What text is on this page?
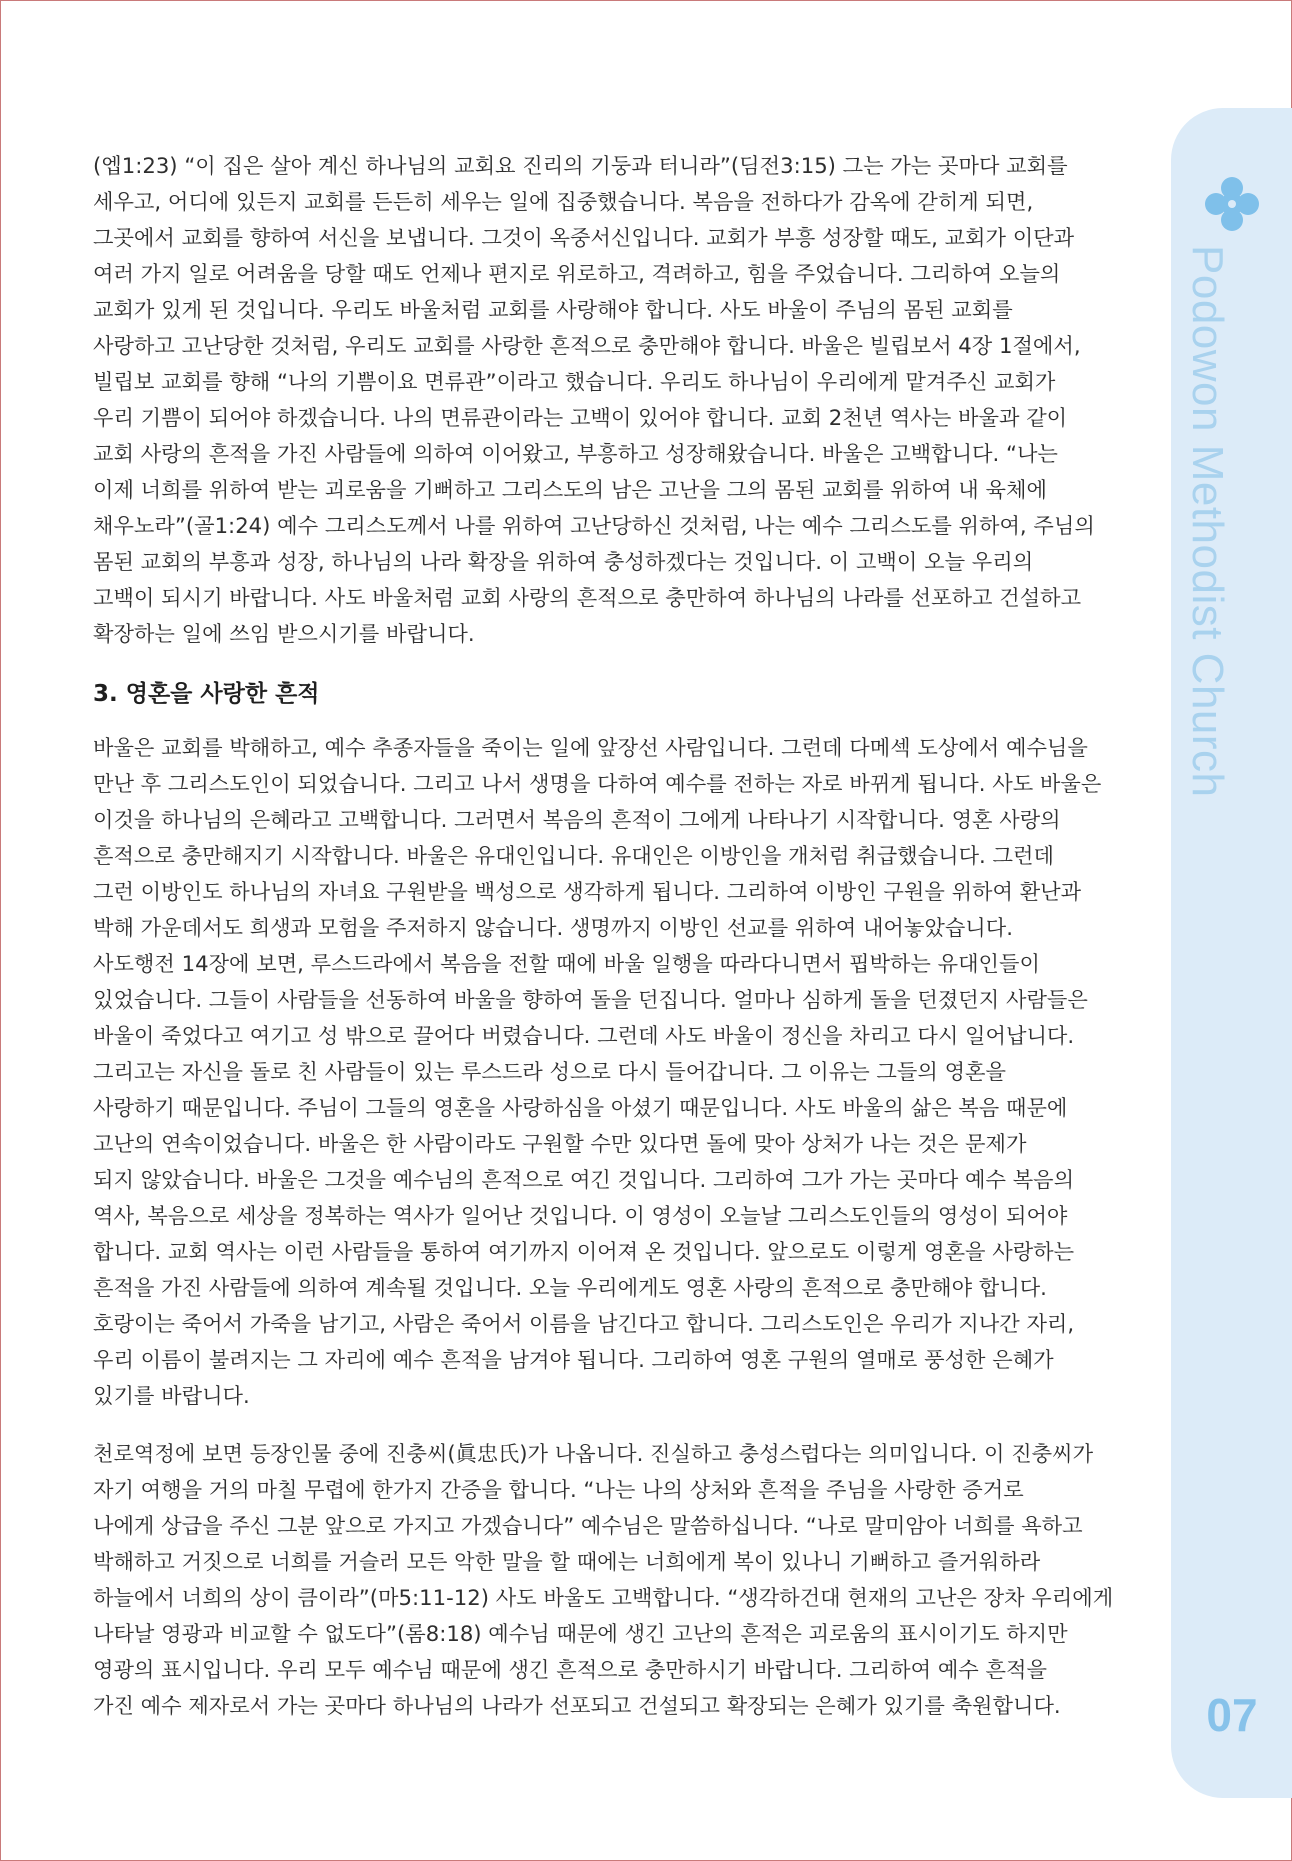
Podowon Methodist Church
07

(엡1:23) “이 집은 살아 계신 하나님의 교회요 진리의 기둥과 터니라”(딤전3:15) 그는 가는 곳마다 교회를
세우고, 어디에 있든지 교회를 든든히 세우는 일에 집중했습니다. 복음을 전하다가 감옥에 갇히게 되면,
그곳에서 교회를 향하여 서신을 보냅니다. 그것이 옥중서신입니다. 교회가 부흥 성장할 때도, 교회가 이단과
여러 가지 일로 어려움을 당할 때도 언제나 편지로 위로하고, 격려하고, 힘을 주었습니다. 그리하여 오늘의
교회가 있게 된 것입니다. 우리도 바울처럼 교회를 사랑해야 합니다. 사도 바울이 주님의 몸된 교회를
사랑하고 고난당한 것처럼, 우리도 교회를 사랑한 흔적으로 충만해야 합니다. 바울은 빌립보서 4장 1절에서,
빌립보 교회를 향해 “나의 기쁨이요 면류관”이라고 했습니다. 우리도 하나님이 우리에게 맡겨주신 교회가
우리 기쁨이 되어야 하겠습니다. 나의 면류관이라는 고백이 있어야 합니다. 교회 2천년 역사는 바울과 같이
교회 사랑의 흔적을 가진 사람들에 의하여 이어왔고, 부흥하고 성장해왔습니다. 바울은 고백합니다. “나는
이제 너희를 위하여 받는 괴로움을 기뻐하고 그리스도의 남은 고난을 그의 몸된 교회를 위하여 내 육체에
채우노라”(골1:24) 예수 그리스도께서 나를 위하여 고난당하신 것처럼, 나는 예수 그리스도를 위하여, 주님의
몸된 교회의 부흥과 성장, 하나님의 나라 확장을 위하여 충성하겠다는 것입니다. 이 고백이 오늘 우리의
고백이 되시기 바랍니다. 사도 바울처럼 교회 사랑의 흔적으로 충만하여 하나님의 나라를 선포하고 건설하고
확장하는 일에 쓰임 받으시기를 바랍니다.

3. 영혼을 사랑한 흔적

바울은 교회를 박해하고, 예수 추종자들을 죽이는 일에 앞장선 사람입니다. 그런데 다메섹 도상에서 예수님을
만난 후 그리스도인이 되었습니다. 그리고 나서 생명을 다하여 예수를 전하는 자로 바뀌게 됩니다. 사도 바울은
이것을 하나님의 은혜라고 고백합니다. 그러면서 복음의 흔적이 그에게 나타나기 시작합니다. 영혼 사랑의
흔적으로 충만해지기 시작합니다. 바울은 유대인입니다. 유대인은 이방인을 개처럼 취급했습니다. 그런데
그런 이방인도 하나님의 자녀요 구원받을 백성으로 생각하게 됩니다. 그리하여 이방인 구원을 위하여 환난과
박해 가운데서도 희생과 모험을 주저하지 않습니다. 생명까지 이방인 선교를 위하여 내어놓았습니다.
사도행전 14장에 보면, 루스드라에서 복음을 전할 때에 바울 일행을 따라다니면서 핍박하는 유대인들이
있었습니다. 그들이 사람들을 선동하여 바울을 향하여 돌을 던집니다. 얼마나 심하게 돌을 던졌던지 사람들은
바울이 죽었다고 여기고 성 밖으로 끌어다 버렸습니다. 그런데 사도 바울이 정신을 차리고 다시 일어납니다.
그리고는 자신을 돌로 친 사람들이 있는 루스드라 성으로 다시 들어갑니다. 그 이유는 그들의 영혼을
사랑하기 때문입니다. 주님이 그들의 영혼을 사랑하심을 아셨기 때문입니다. 사도 바울의 삶은 복음 때문에
고난의 연속이었습니다. 바울은 한 사람이라도 구원할 수만 있다면 돌에 맞아 상처가 나는 것은 문제가
되지 않았습니다. 바울은 그것을 예수님의 흔적으로 여긴 것입니다. 그리하여 그가 가는 곳마다 예수 복음의
역사, 복음으로 세상을 정복하는 역사가 일어난 것입니다. 이 영성이 오늘날 그리스도인들의 영성이 되어야
합니다. 교회 역사는 이런 사람들을 통하여 여기까지 이어져 온 것입니다. 앞으로도 이렇게 영혼을 사랑하는
흔적을 가진 사람들에 의하여 계속될 것입니다. 오늘 우리에게도 영혼 사랑의 흔적으로 충만해야 합니다.
호랑이는 죽어서 가죽을 남기고, 사람은 죽어서 이름을 남긴다고 합니다. 그리스도인은 우리가 지나간 자리,
우리 이름이 불려지는 그 자리에 예수 흔적을 남겨야 됩니다. 그리하여 영혼 구원의 열매로 풍성한 은혜가
있기를 바랍니다.

천로역정에 보면 등장인물 중에 진충씨(眞忠氏)가 나옵니다. 진실하고 충성스럽다는 의미입니다. 이 진충씨가
자기 여행을 거의 마칠 무렵에 한가지 간증을 합니다. “나는 나의 상처와 흔적을 주님을 사랑한 증거로
나에게 상급을 주신 그분 앞으로 가지고 가겠습니다” 예수님은 말씀하십니다. “나로 말미암아 너희를 욕하고
박해하고 거짓으로 너희를 거슬러 모든 악한 말을 할 때에는 너희에게 복이 있나니 기뻐하고 즐거워하라
하늘에서 너희의 상이 큼이라”(마5:11-12) 사도 바울도 고백합니다. “생각하건대 현재의 고난은 장차 우리에게
나타날 영광과 비교할 수 없도다”(롬8:18) 예수님 때문에 생긴 고난의 흔적은 괴로움의 표시이기도 하지만
영광의 표시입니다. 우리 모두 예수님 때문에 생긴 흔적으로 충만하시기 바랍니다. 그리하여 예수 흔적을
가진 예수 제자로서 가는 곳마다 하나님의 나라가 선포되고 건설되고 확장되는 은혜가 있기를 축원합니다.
